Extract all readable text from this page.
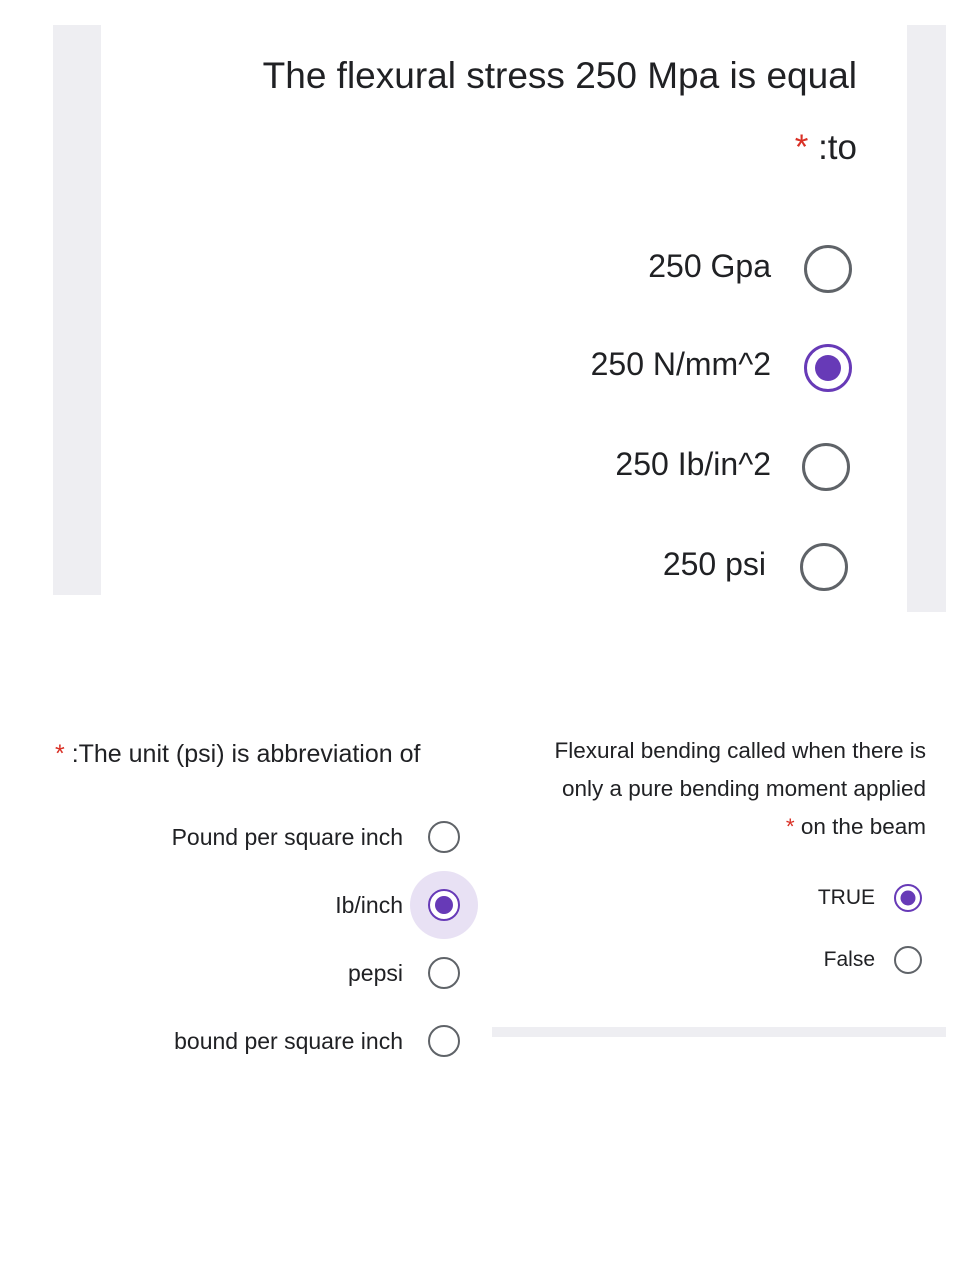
The flexural stress 250 Mpa is equal
* :to
250 Gpa
250 N/mm^2
250 Ib/in^2
250 psi
* :The unit (psi) is abbreviation of
Pound per square inch
Ib/inch
pepsi
bound per square inch
Flexural bending called when there is
only a pure bending moment applied
* on the beam
TRUE
False
